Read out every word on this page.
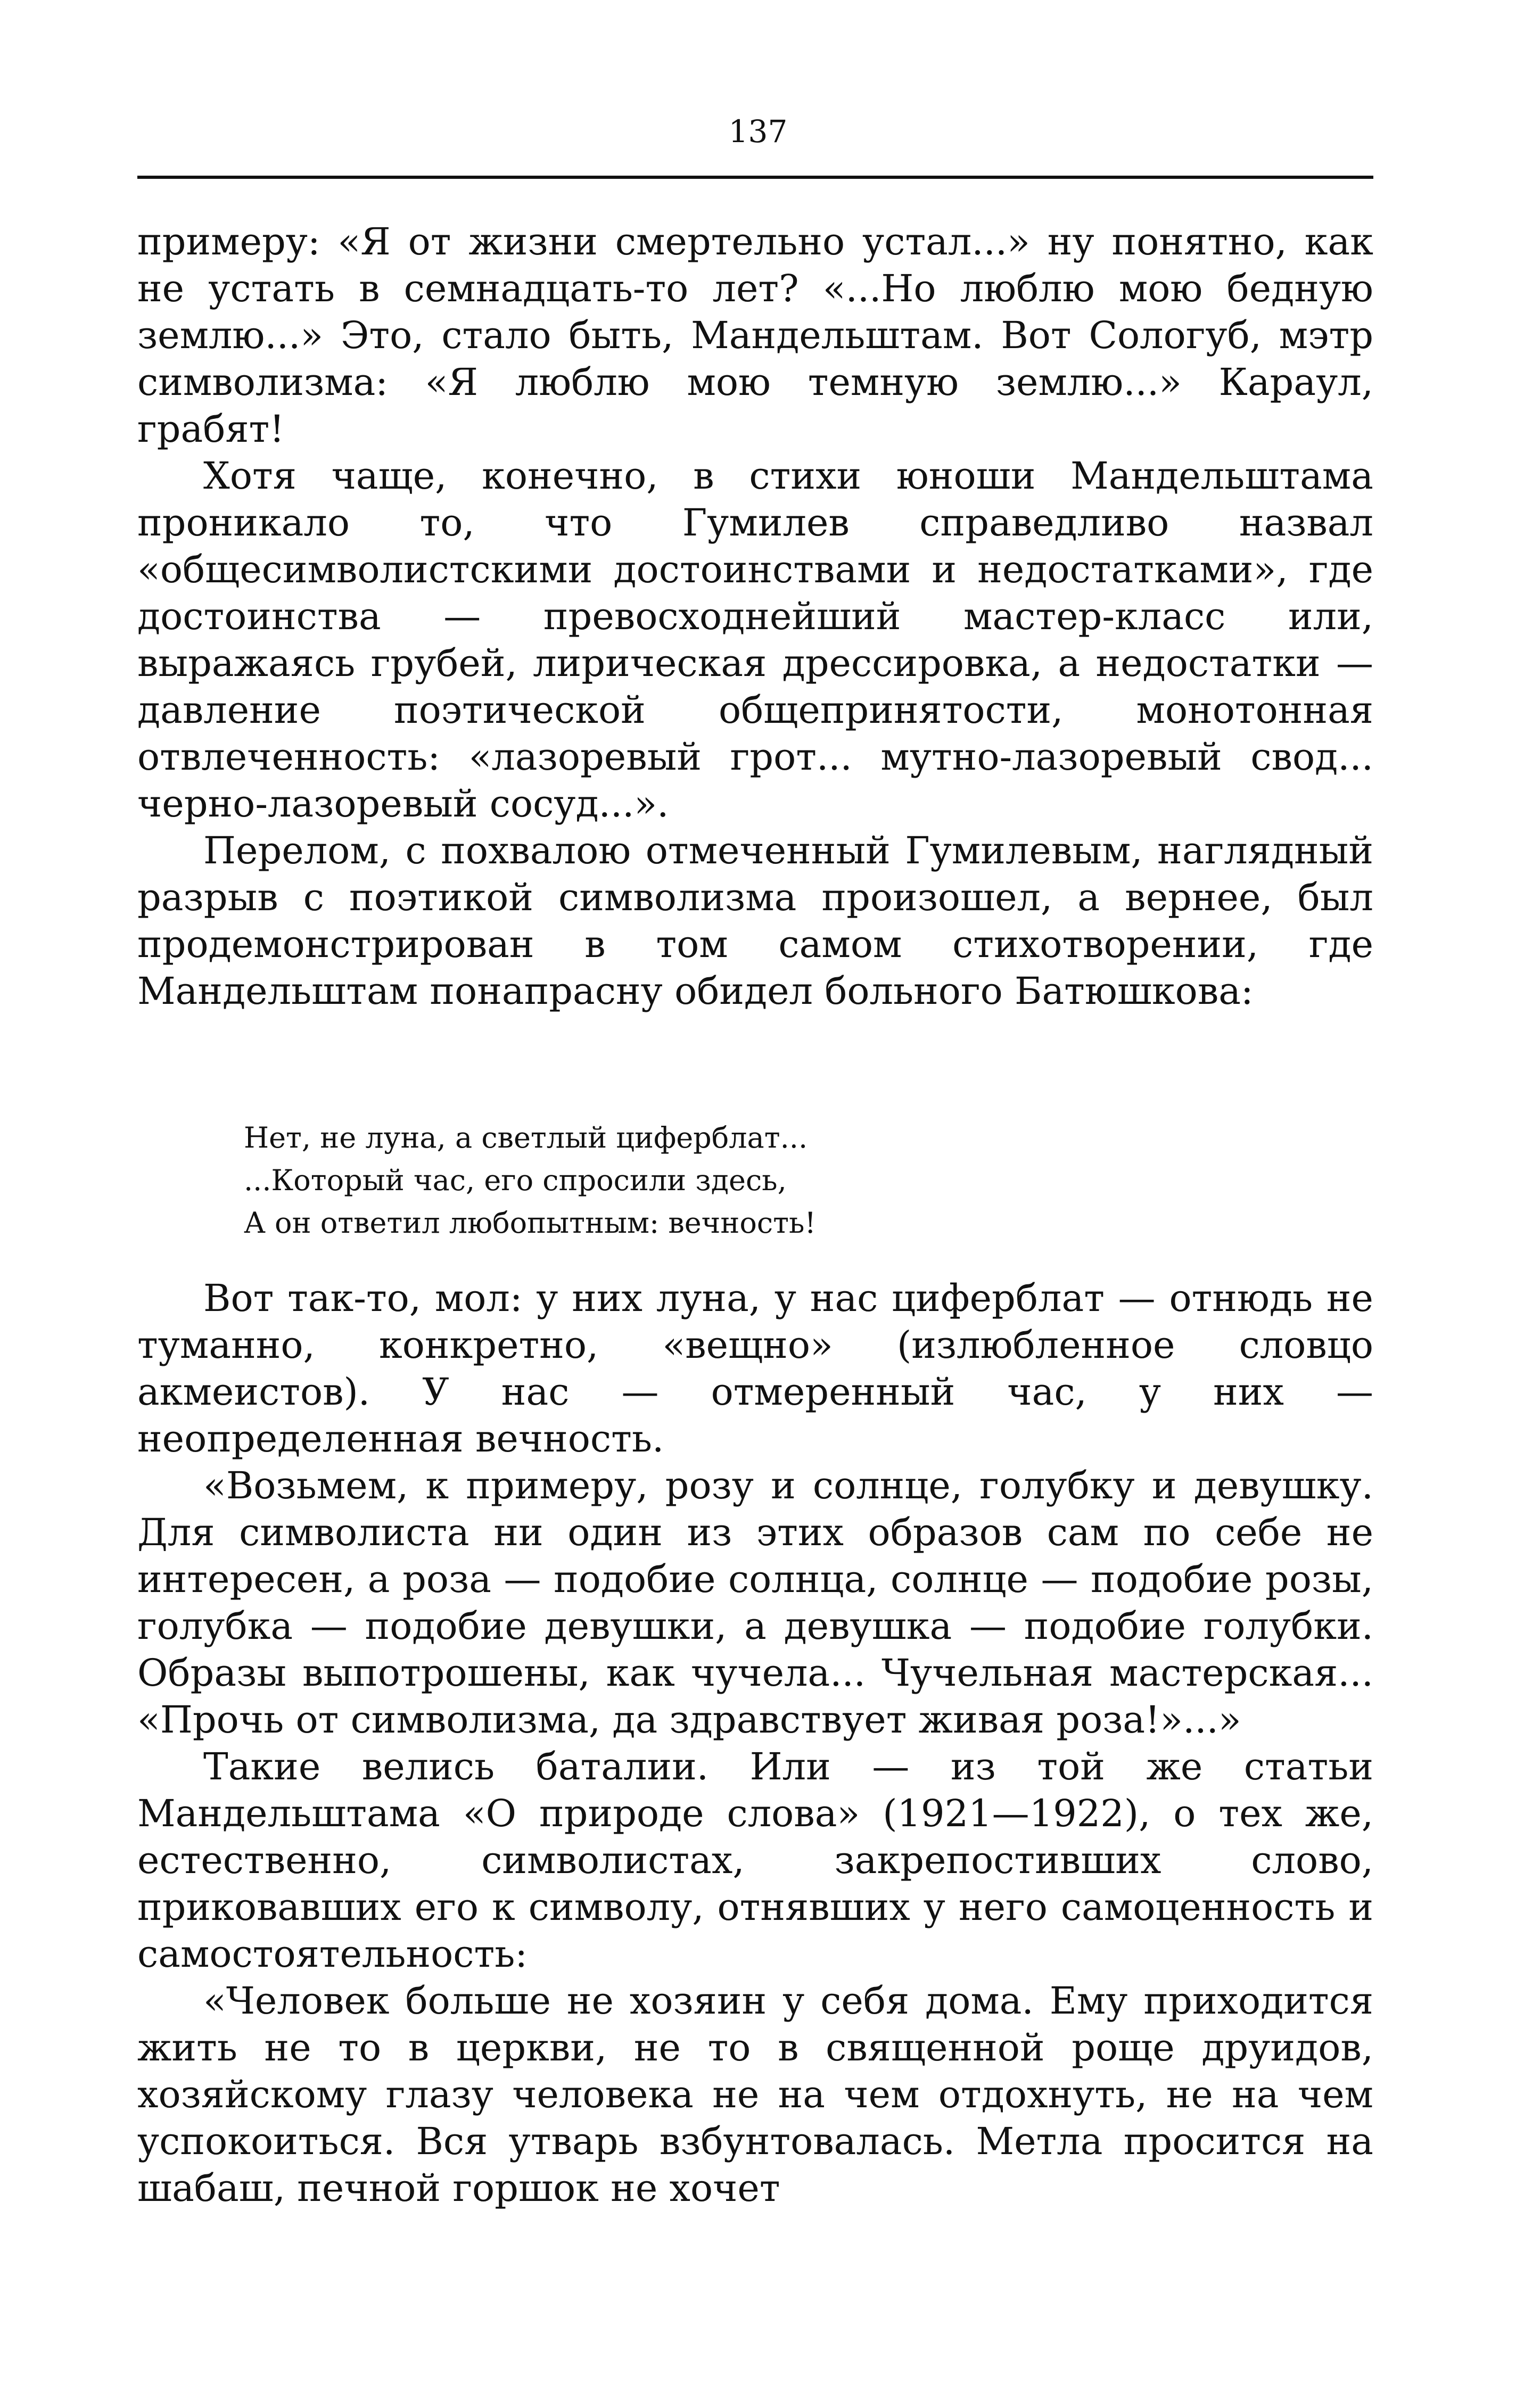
137

примеру: «Я от жизни смертельно устал...» ну понятно, как не устать в семнадцать-то лет? «...Но люблю мою бедную землю...» Это, стало быть, Мандельштам. Вот Сологуб, мэтр символизма: «Я люблю мою темную землю...» Караул, грабят!

Хотя чаще, конечно, в стихи юноши Мандельштама проникало то, что Гумилев справедливо назвал «общесимволистскими достоинствами и недостатками», где достоинства — превосходнейший мастер-класс или, выражаясь грубей, лирическая дрессировка, а недостатки — давление поэтической общепринятости, монотонная отвлеченность: «лазоревый грот... мутно-лазоревый свод... черно-лазоревый сосуд...».

Перелом, с похвалою отмеченный Гумилевым, наглядный разрыв с поэтикой символизма произошел, а вернее, был продемонстрирован в том самом стихотворении, где Мандельштам понапрасну обидел больного Батюшкова:

Нет, не луна, а светлый циферблат...
...Который час, его спросили здесь,
А он ответил любопытным: вечность!

Вот так-то, мол: у них луна, у нас циферблат — отнюдь не туманно, конкретно, «вещно» (излюбленное словцо акмеистов). У нас — отмеренный час, у них — неопределенная вечность.

«Возьмем, к примеру, розу и солнце, голубку и девушку. Для символиста ни один из этих образов сам по себе не интересен, а роза — подобие солнца, солнце — подобие розы, голубка — подобие девушки, а девушка — подобие голубки. Образы выпотрошены, как чучела... Чучельная мастерская... «Прочь от символизма, да здравствует живая роза!»...»

Такие велись баталии. Или — из той же статьи Мандельштама «О природе слова» (1921—1922), о тех же, естественно, символистах, закрепостивших слово, приковавших его к символу, отнявших у него самоценность и самостоятельность:

«Человек больше не хозяин у себя дома. Ему приходится жить не то в церкви, не то в священной роще друидов, хозяйскому глазу человека не на чем отдохнуть, не на чем успокоиться. Вся утварь взбунтовалась. Метла просится на шабаш, печной горшок не хочет
